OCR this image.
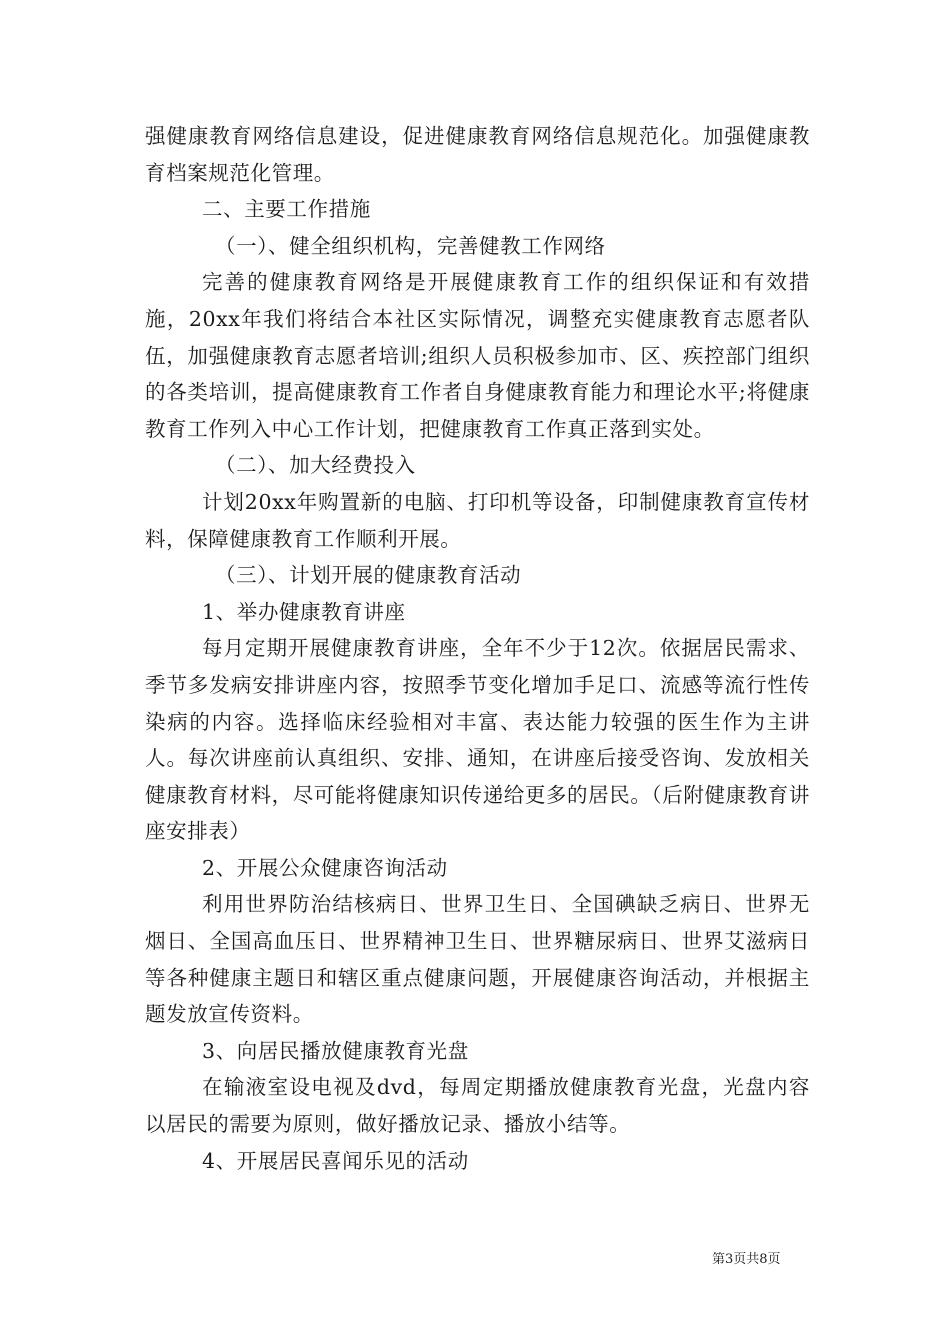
强健康教育网络信息建设，促进健康教育网络信息规范化。加强健康教育档案规范化管理。

二、主要工作措施

（一）、健全组织机构，完善健教工作网络

完善的健康教育网络是开展健康教育工作的组织保证和有效措施，20xx年我们将结合本社区实际情况，调整充实健康教育志愿者队伍，加强健康教育志愿者培训;组织人员积极参加市、区、疾控部门组织的各类培训，提高健康教育工作者自身健康教育能力和理论水平;将健康教育工作列入中心工作计划，把健康教育工作真正落到实处。

（二）、加大经费投入

计划20xx年购置新的电脑、打印机等设备，印制健康教育宣传材料，保障健康教育工作顺利开展。

（三）、计划开展的健康教育活动

1、举办健康教育讲座

每月定期开展健康教育讲座，全年不少于12次。依据居民需求、季节多发病安排讲座内容，按照季节变化增加手足口、流感等流行性传染病的内容。选择临床经验相对丰富、表达能力较强的医生作为主讲人。每次讲座前认真组织、安排、通知，在讲座后接受咨询、发放相关健康教育材料，尽可能将健康知识传递给更多的居民。（后附健康教育讲座安排表）

2、开展公众健康咨询活动

利用世界防治结核病日、世界卫生日、全国碘缺乏病日、世界无烟日、全国高血压日、世界精神卫生日、世界糖尿病日、世界艾滋病日等各种健康主题日和辖区重点健康问题，开展健康咨询活动，并根据主题发放宣传资料。

3、向居民播放健康教育光盘

在输液室设电视及dvd，每周定期播放健康教育光盘，光盘内容以居民的需要为原则，做好播放记录、播放小结等。

4、开展居民喜闻乐见的活动

第3页共8页
